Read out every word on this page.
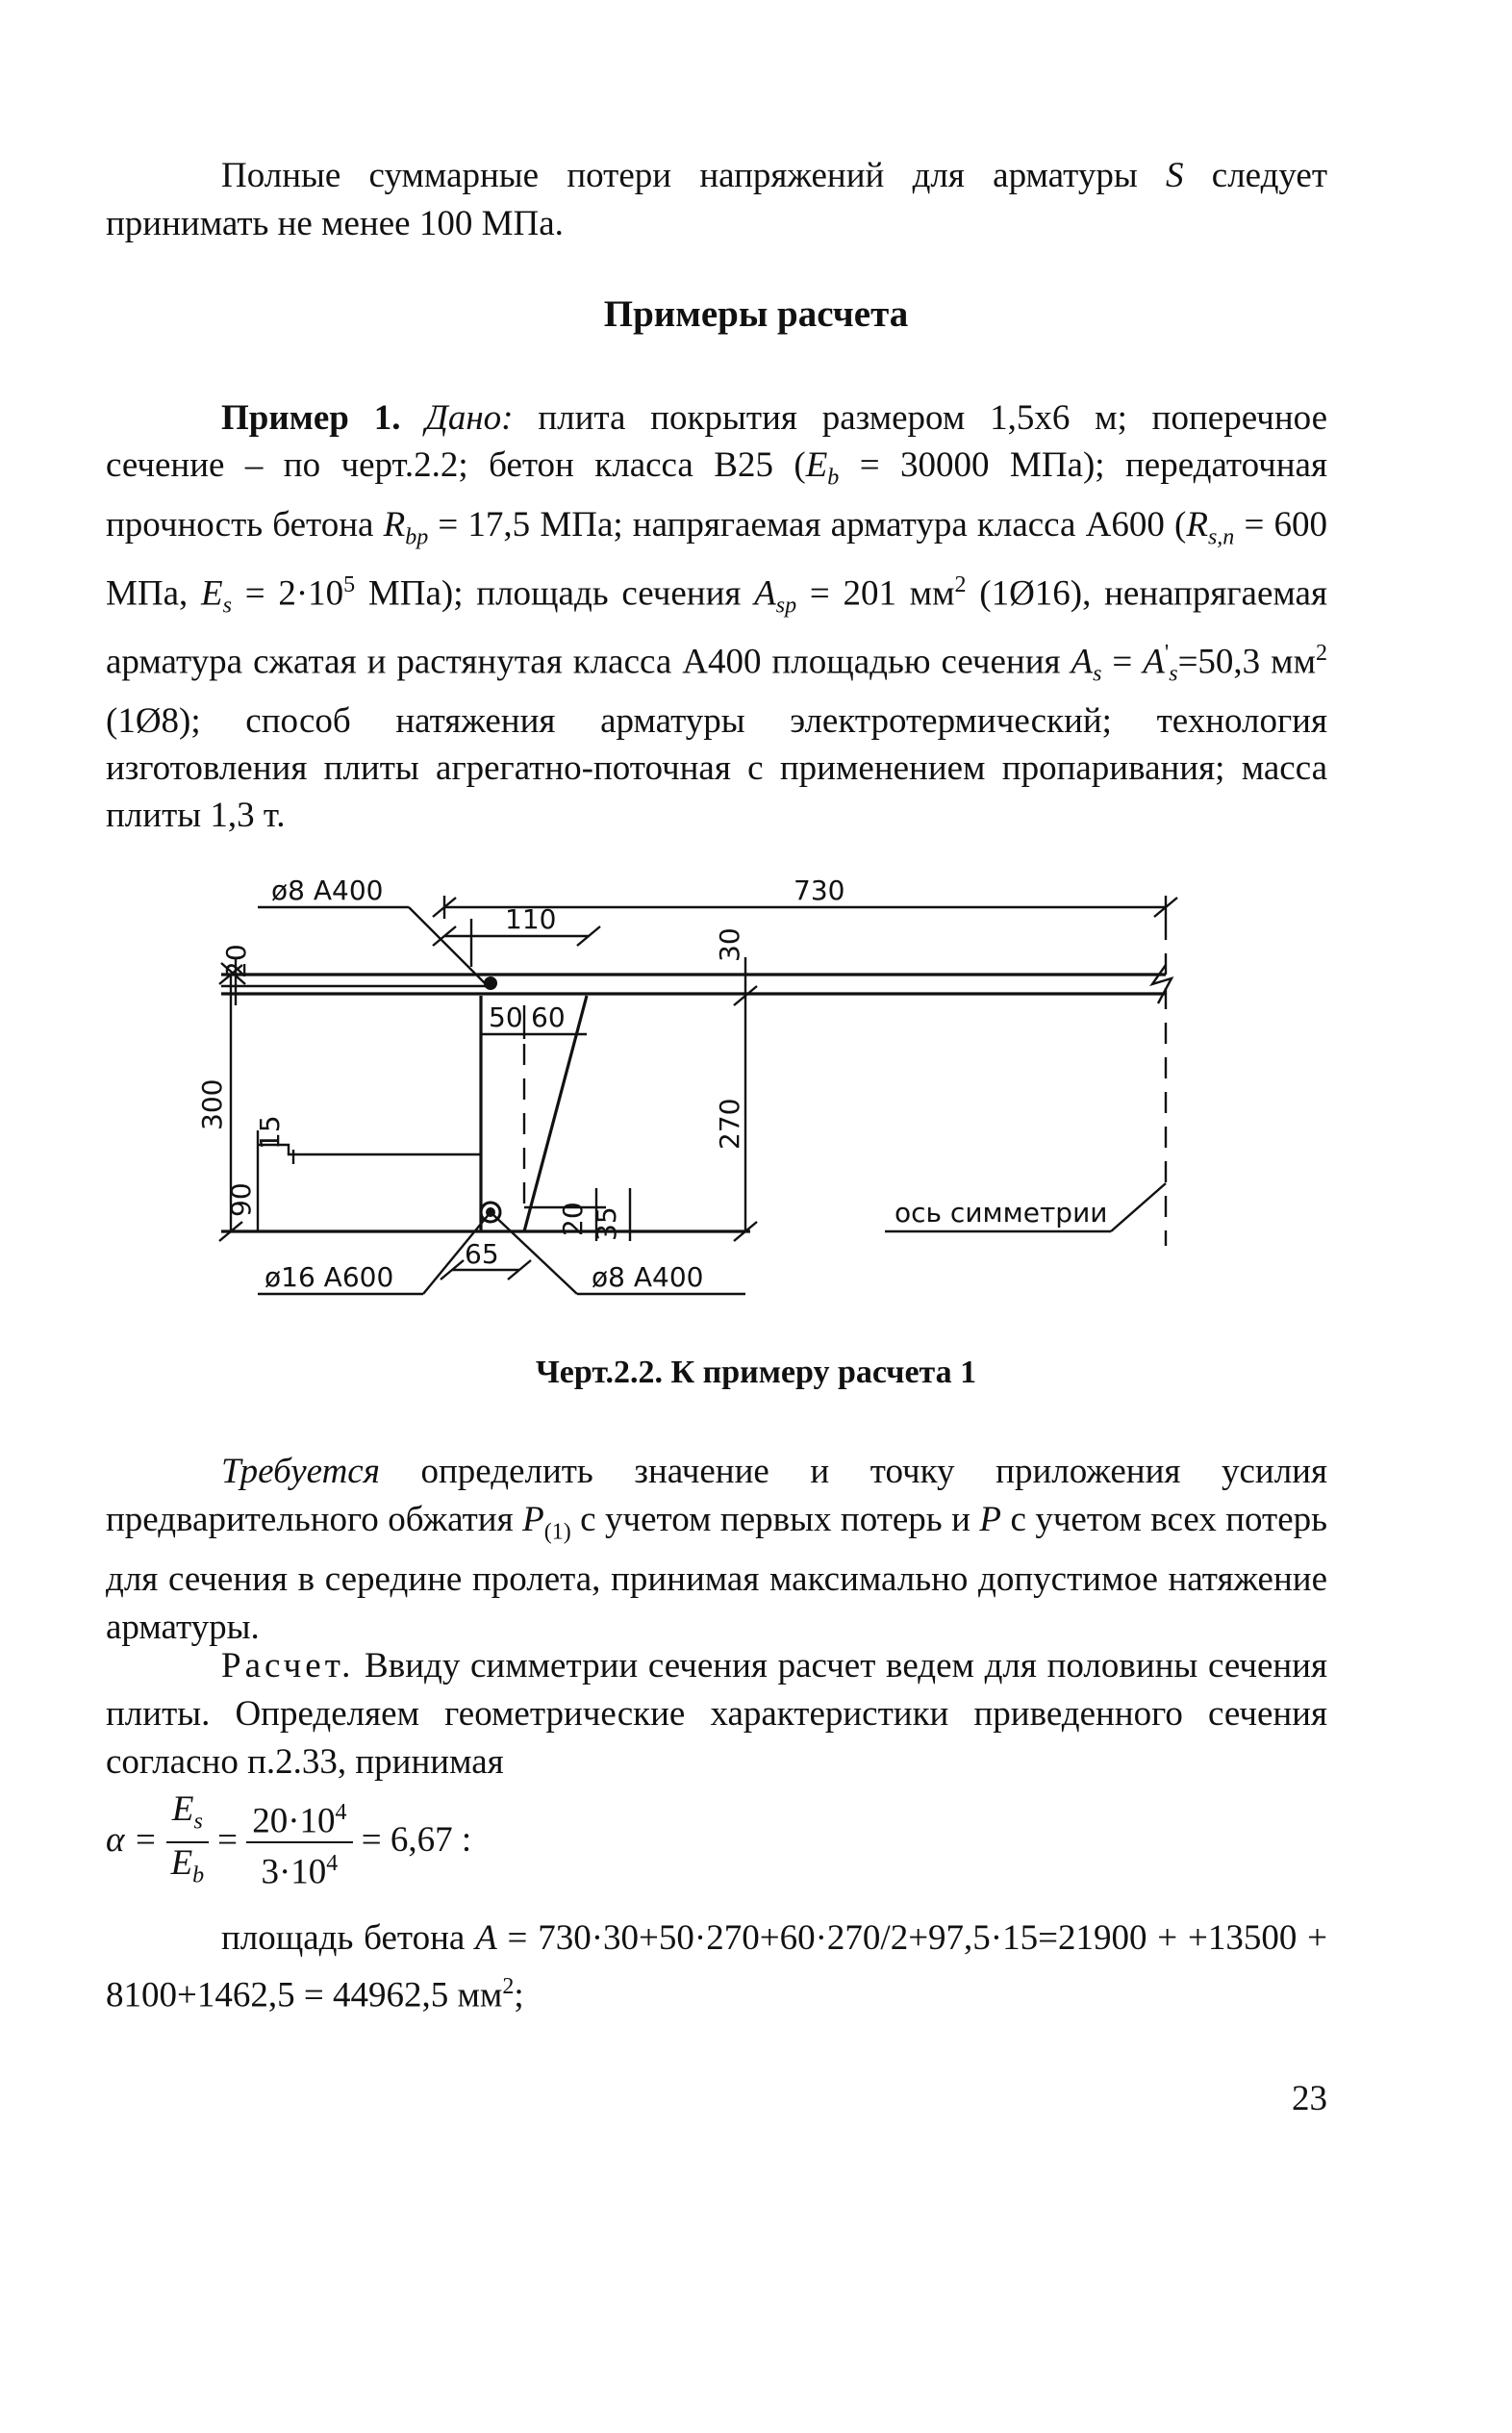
Полные суммарные потери напряжений для арматуры S следует принимать не менее 100 МПа.

Примеры расчета

Пример 1. Дано: плита покрытия размером 1,5х6 м; поперечное сечение – по черт.2.2; бетон класса В25 ($E_b = 30000$ МПа); передаточная прочность бетона $R_{bp} = 17,5$ МПа; напрягаемая арматура класса А600 ($R_{s,n} = 600$ МПа, $E_s = 2\cdot 10^5$ МПа); площадь сечения $A_{sp} = 201$ $мм^2$ (1Ø16), ненапрягаемая арматура сжатая и растянутая класса А400 площадью сечения $A_s = A'_s=50,3$ $мм^2$ (1Ø8); способ натяжения арматуры электротермический; технология изготовления плиты агрегатно-поточная с применением пропаривания; масса плиты 1,3 т.

ø8 А400	730
110
30
20
50 60
300	270
15
90
20 35
65
ø16 А600	ø8 А400
ось симметрии
Черт.2.2. К примеру расчета 1

Требуется определить значение и точку приложения усилия предварительного обжатия $P_{(1)}$ с учетом первых потерь и P с учетом всех потерь для сечения в середине пролета, принимая максимально допустимое натяжение арматуры.

Расчет. Ввиду симметрии сечения расчет ведем для половины сечения плиты. Определяем геометрические характеристики приведенного сечения согласно п.2.33, принимая

$\alpha = \frac{E_s}{E_b} = \frac{20\cdot 10^4}{3\cdot 10^4} = 6,67$ :

площадь бетона A = 730·30+50·270+60·270/2+97,5·15=21900 + +13500 + 8100+1462,5 = 44962,5 $мм^2$;

23
